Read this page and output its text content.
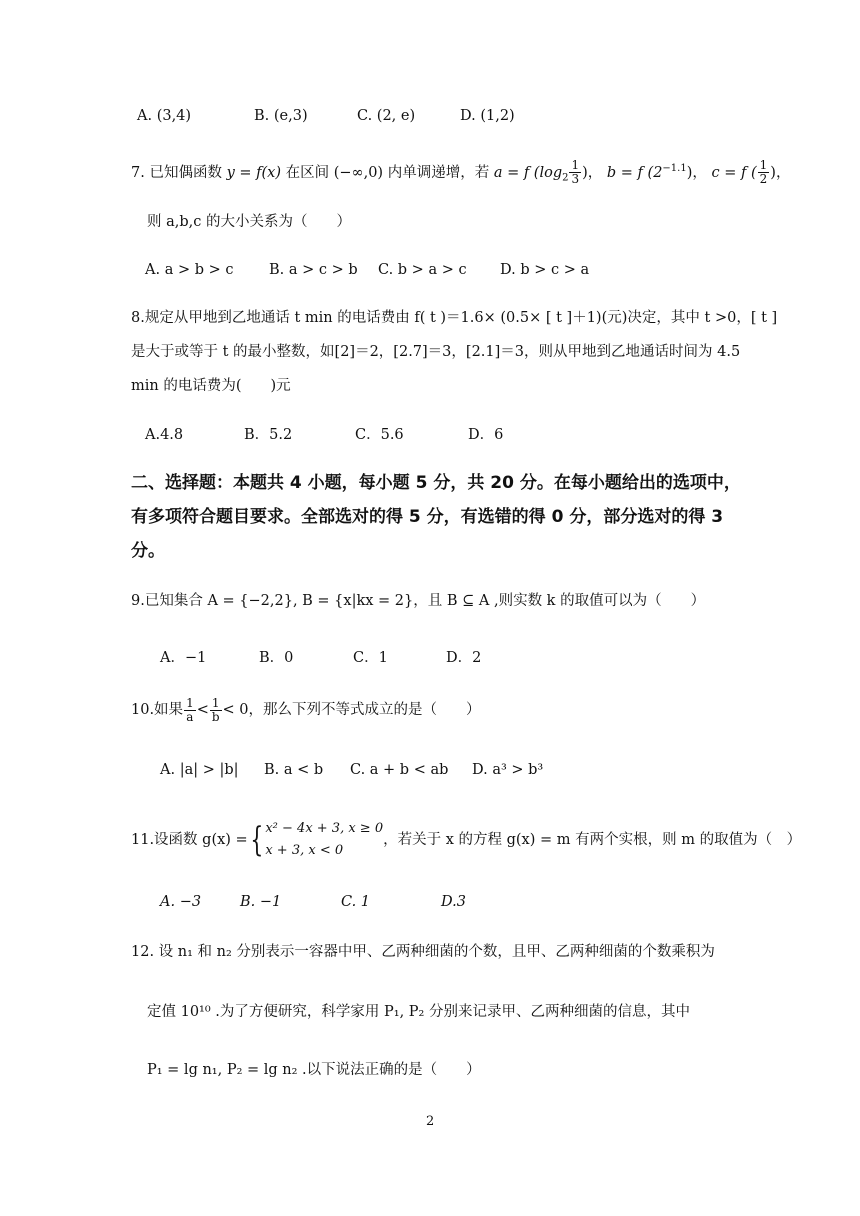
A. (3,4)	B. (e,3)	C. (2, e)	D. (1,2)
7. 已知偶函数 y = f(x) 在区间 (−∞,0) 内单调递增，若 a = f ($\log_2 \frac{1}{3}$ )， b = f $(2^{-1.1})$， c = f ( $\frac{1}{2}$ )，
则 a,b,c 的大小关系为（　　）
A. a > b > c B. a > c > b C. b > a > c D. b > c > a
8.规定从甲地到乙地通话 t min 的电话费由 f( t )＝1.6× (0.5× [ t ]＋1)(元)决定，其中 t >0，[ t ]
是大于或等于 t 的最小整数，如[2]＝2，[2.7]＝3，[2.1]＝3，则从甲地到乙地通话时间为 4.5
min 的电话费为(　　)元
A.4.8	B．5.2	C．5.6	D．6
二、选择题：本题共 4 小题，每小题 5 分，共 20 分。在每小题给出的选项中，
有多项符合题目要求。全部选对的得 5 分，有选错的得 0 分，部分选对的得 3
分。
9.已知集合 A = {−2,2}, B = {x|kx = 2}，且 B ⊆ A ,则实数 k 的取值可以为（　　）
A．−1	B．0	C．1	D．2
10.如果 $\frac{1}{a} < \frac{1}{b} < 0$，那么下列不等式成立的是（　　）
A. |a| > |b| B. a < b C. a + b < ab D. a³ > b³
11.设函数 g(x) ={ x² − 4x + 3, x ≥ 0
x + 3, x < 0
，若关于 x 的方程 g(x) = m 有两个实根，则 m 的取值为（　）
A. −3	B. −1	C. 1	D.3
12. 设 n₁ 和 n₂ 分别表示一容器中甲、乙两种细菌的个数，且甲、乙两种细菌的个数乘积为
定值 10¹⁰ .为了方便研究，科学家用 P₁, P₂ 分别来记录甲、乙两种细菌的信息，其中
P₁ = lg n₁, P₂ = lg n₂ .以下说法正确的是（　　）
2
